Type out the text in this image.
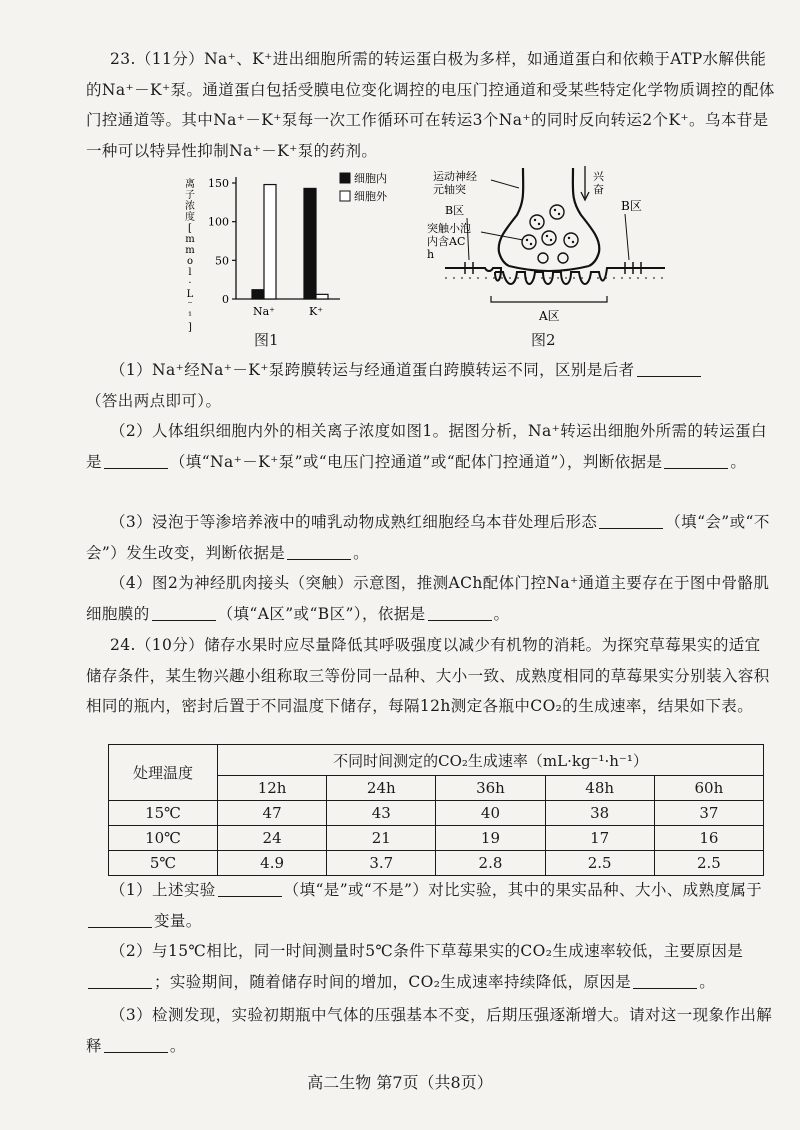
23.（11分）Na⁺、K⁺进出细胞所需的转运蛋白极为多样，如通道蛋白和依赖于ATP水解供能的Na⁺－K⁺泵。通道蛋白包括受膜电位变化调控的电压门控通道和受某些特定化学物质调控的配体门控通道等。其中Na⁺－K⁺泵每一次工作循环可在转运3个Na⁺的同时反向转运2个K⁺。乌本苷是一种可以特异性抑制Na⁺－K⁺泵的药剂。

离
子
浓
度
[
m
m
o
l
·
L
⁻
¹
]
0
50
100
150
Na⁺	K⁺
细胞内
细胞外
图1
运动神经元轴突
兴奋
B区	B区
突触小泡内含AC h
A区
图2

（1）Na⁺经Na⁺－K⁺泵跨膜转运与经通道蛋白跨膜转运不同，区别是后者
（答出两点即可）。

（2）人体组织细胞内外的相关离子浓度如图1。据图分析，Na⁺转运出细胞外所需的转运蛋白是	（填“Na⁺－K⁺泵”或“电压门控通道”或“配体门控通道”），判断依据是	。

（3）浸泡于等渗培养液中的哺乳动物成熟红细胞经乌本苷处理后形态	（填“会”或“不会”）发生改变，判断依据是	。

（4）图2为神经肌肉接头（突触）示意图，推测ACh配体门控Na⁺通道主要存在于图中骨骼肌细胞膜的	（填“A区”或“B区”），依据是	。

24.（10分）储存水果时应尽量降低其呼吸强度以减少有机物的消耗。为探究草莓果实的适宜储存条件，某生物兴趣小组称取三等份同一品种、大小一致、成熟度相同的草莓果实分别装入容积相同的瓶内，密封后置于不同温度下储存，每隔12h测定各瓶中CO₂的生成速率，结果如下表。

处理温度	不同时间测定的CO₂生成速率（mL·kg⁻¹·h⁻¹）				
	12h	24h	36h	48h	60h
15℃	47	43	40	38	37
10℃	24	21	19	17	16
5℃	4.9	3.7	2.8	2.5	2.5

（1）上述实验	（填“是”或“不是”）对比实验，其中的果实品种、大小、成熟度属于变量。

（2）与15℃相比，同一时间测量时5℃条件下草莓果实的CO₂生成速率较低，主要原因是；实验期间，随着储存时间的增加，CO₂生成速率持续降低，原因是	。

（3）检测发现，实验初期瓶中气体的压强基本不变，后期压强逐渐增大。请对这一现象作出解释	。

高二生物 第7页（共8页）
